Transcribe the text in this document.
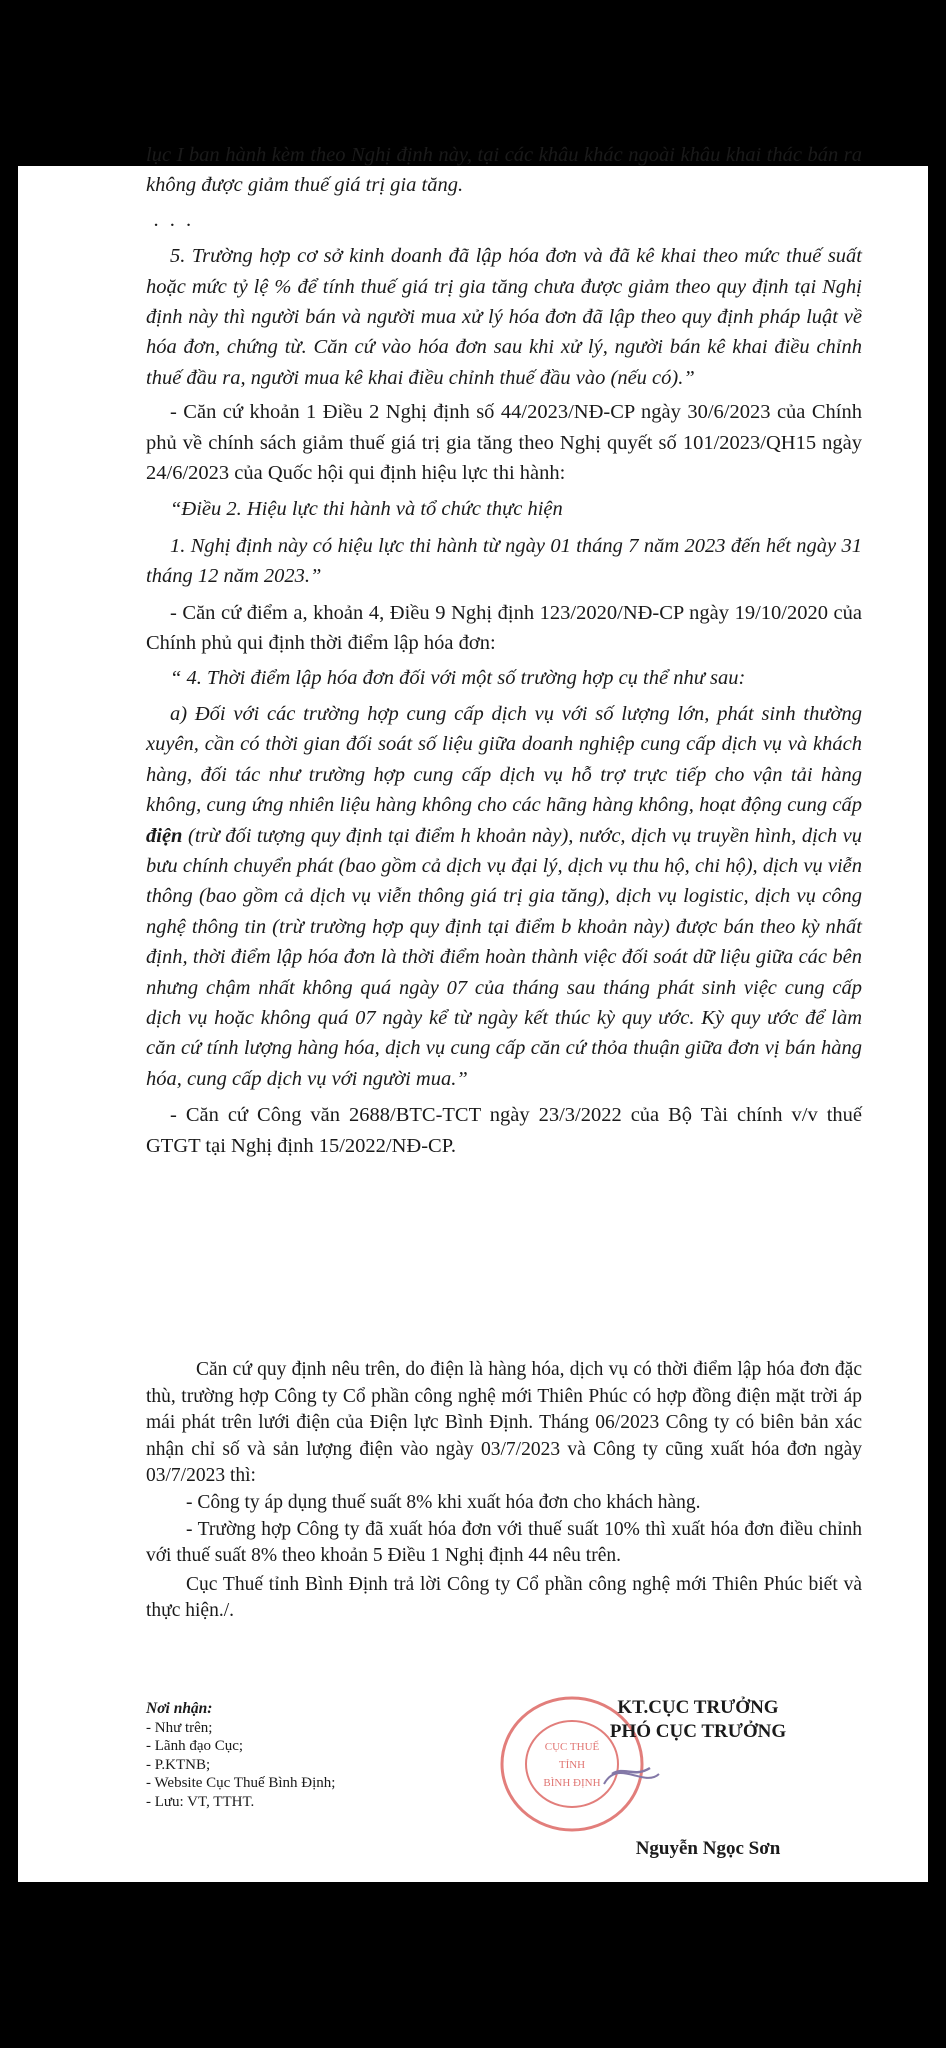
lục I ban hành kèm theo Nghị định này, tại các khâu khác ngoài khâu khai thác bán ra không được giảm thuế giá trị gia tăng.

. . .

5. Trường hợp cơ sở kinh doanh đã lập hóa đơn và đã kê khai theo mức thuế suất hoặc mức tỷ lệ % để tính thuế giá trị gia tăng chưa được giảm theo quy định tại Nghị định này thì người bán và người mua xử lý hóa đơn đã lập theo quy định pháp luật về hóa đơn, chứng từ. Căn cứ vào hóa đơn sau khi xử lý, người bán kê khai điều chỉnh thuế đầu ra, người mua kê khai điều chỉnh thuế đầu vào (nếu có).”

- Căn cứ khoản 1 Điều 2 Nghị định số 44/2023/NĐ-CP ngày 30/6/2023 của Chính phủ về chính sách giảm thuế giá trị gia tăng theo Nghị quyết số 101/2023/QH15 ngày 24/6/2023 của Quốc hội qui định hiệu lực thi hành:

“Điều 2. Hiệu lực thi hành và tổ chức thực hiện

1. Nghị định này có hiệu lực thi hành từ ngày 01 tháng 7 năm 2023 đến hết ngày 31 tháng 12 năm 2023.”

- Căn cứ điểm a, khoản 4, Điều 9 Nghị định 123/2020/NĐ-CP ngày 19/10/2020 của Chính phủ qui định thời điểm lập hóa đơn:

“ 4. Thời điểm lập hóa đơn đối với một số trường hợp cụ thể như sau:

a) Đối với các trường hợp cung cấp dịch vụ với số lượng lớn, phát sinh thường xuyên, cần có thời gian đối soát số liệu giữa doanh nghiệp cung cấp dịch vụ và khách hàng, đối tác như trường hợp cung cấp dịch vụ hỗ trợ trực tiếp cho vận tải hàng không, cung ứng nhiên liệu hàng không cho các hãng hàng không, hoạt động cung cấp điện (trừ đối tượng quy định tại điểm h khoản này), nước, dịch vụ truyền hình, dịch vụ bưu chính chuyển phát (bao gồm cả dịch vụ đại lý, dịch vụ thu hộ, chi hộ), dịch vụ viễn thông (bao gồm cả dịch vụ viễn thông giá trị gia tăng), dịch vụ logistic, dịch vụ công nghệ thông tin (trừ trường hợp quy định tại điểm b khoản này) được bán theo kỳ nhất định, thời điểm lập hóa đơn là thời điểm hoàn thành việc đối soát dữ liệu giữa các bên nhưng chậm nhất không quá ngày 07 của tháng sau tháng phát sinh việc cung cấp dịch vụ hoặc không quá 07 ngày kể từ ngày kết thúc kỳ quy ước. Kỳ quy ước để làm căn cứ tính lượng hàng hóa, dịch vụ cung cấp căn cứ thỏa thuận giữa đơn vị bán hàng hóa, cung cấp dịch vụ với người mua.”

- Căn cứ Công văn 2688/BTC-TCT ngày 23/3/2022 của Bộ Tài chính v/v thuế GTGT tại Nghị định 15/2022/NĐ-CP.

Căn cứ quy định nêu trên, do điện là hàng hóa, dịch vụ có thời điểm lập hóa đơn đặc thù, trường hợp Công ty Cổ phần công nghệ mới Thiên Phúc có hợp đồng điện mặt trời áp mái phát trên lưới điện của Điện lực Bình Định. Tháng 06/2023 Công ty có biên bản xác nhận chỉ số và sản lượng điện vào ngày 03/7/2023 và Công ty cũng xuất hóa đơn ngày 03/7/2023 thì:

- Công ty áp dụng thuế suất 8% khi xuất hóa đơn cho khách hàng.

- Trường hợp Công ty đã xuất hóa đơn với thuế suất 10% thì xuất hóa đơn điều chỉnh với thuế suất 8% theo khoản 5 Điều 1 Nghị định 44 nêu trên.

Cục Thuế tỉnh Bình Định trả lời Công ty Cổ phần công nghệ mới Thiên Phúc biết và thực hiện./.

Nơi nhận:
- Như trên;
- Lãnh đạo Cục;
- P.KTNB;
- Website Cục Thuế Bình Định;
- Lưu: VT, TTHT.
CỤC THUẾ
TỈNH
BÌNH ĐỊNH
KT.CỤC TRƯỞNG
PHÓ CỤC TRƯỞNG
Nguyễn Ngọc Sơn
